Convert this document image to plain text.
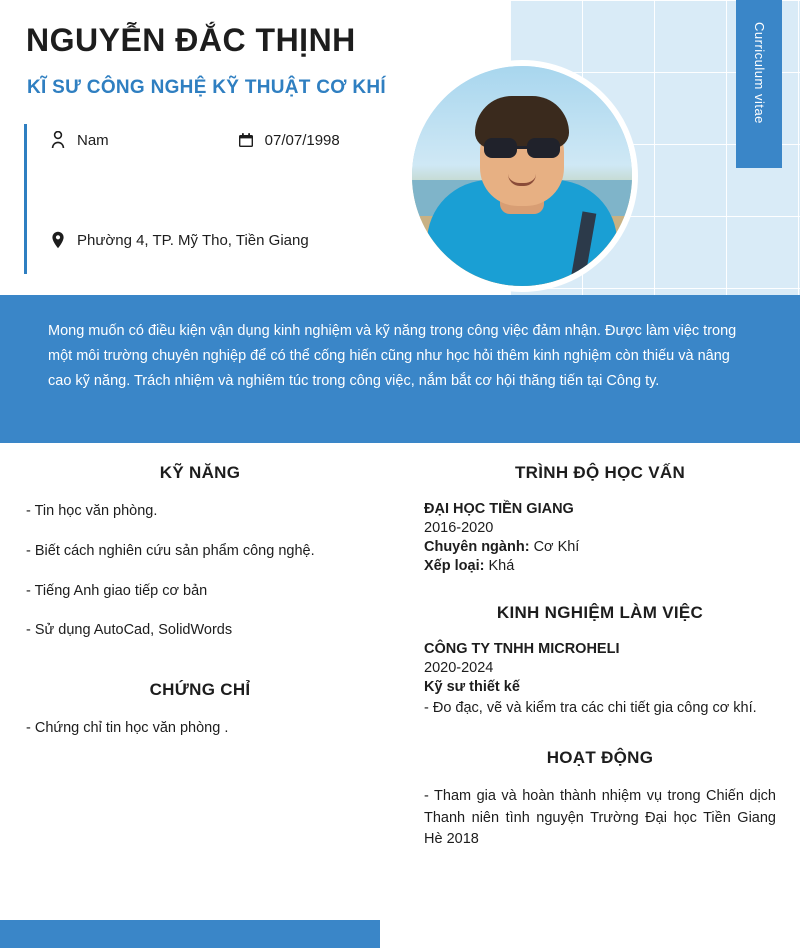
Curriculum vitae
NGUYỄN ĐẮC THỊNH
KĨ SƯ CÔNG NGHỆ KỸ THUẬT CƠ KHÍ
Nam	07/07/1998
Phường 4, TP. Mỹ Tho, Tiền Giang
Mong muốn có điều kiện vận dụng kinh nghiệm và kỹ năng trong công việc đảm nhận. Được làm việc trong một môi trường chuyên nghiệp để có thể cống hiến cũng như học hỏi thêm kinh nghiệm còn thiếu và nâng cao kỹ năng. Trách nhiệm và nghiêm túc trong công việc, nắm bắt cơ hội thăng tiến tại Công ty.
KỸ NĂNG
- Tin học văn phòng.
- Biết cách nghiên cứu sản phẩm công nghệ.
- Tiếng Anh giao tiếp cơ bản
- Sử dụng AutoCad, SolidWords
CHỨNG CHỈ
- Chứng chỉ tin học văn phòng .
TRÌNH ĐỘ HỌC VẤN
ĐẠI HỌC TIỀN GIANG
2016-2020
Chuyên ngành: Cơ Khí
Xếp loại: Khá
KINH NGHIỆM LÀM VIỆC
CÔNG TY TNHH MICROHELI
2020-2024
Kỹ sư thiết kế
- Đo đạc, vẽ và kiểm tra các chi tiết gia công cơ khí.
HOẠT ĐỘNG
- Tham gia và hoàn thành nhiệm vụ trong Chiến dịch Thanh niên tình nguyện Trường Đại học Tiền Giang Hè 2018
